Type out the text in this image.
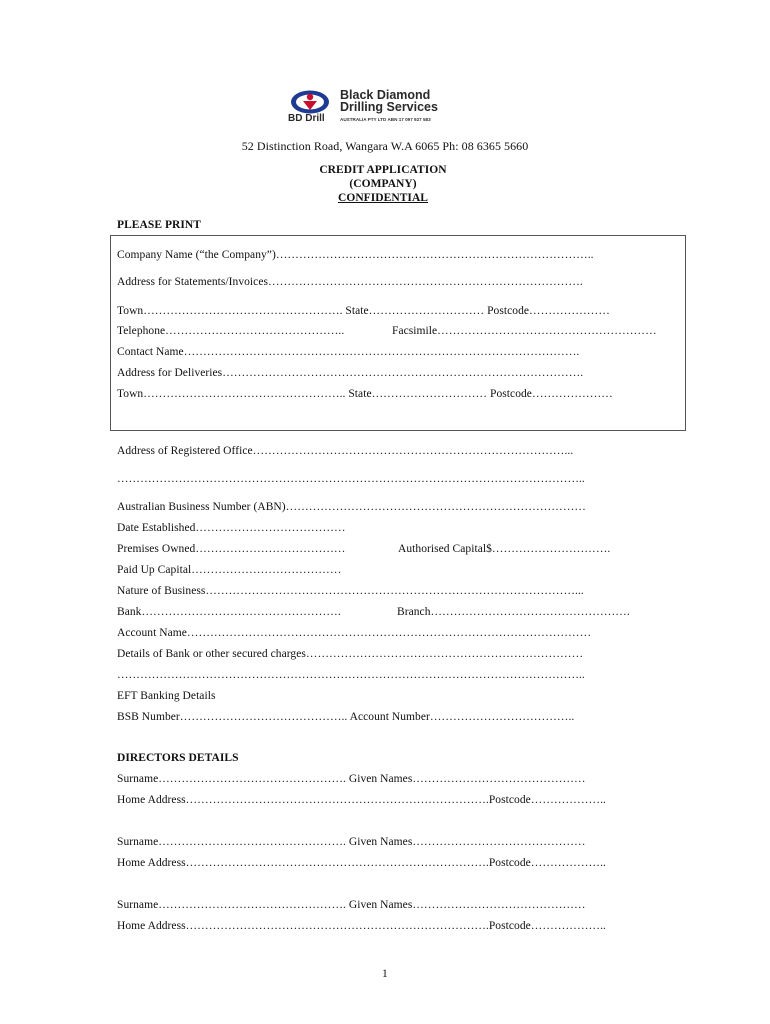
Black Diamond
Drilling Services
BD Drill	AUSTRALIA PTY LTD ABN 17 097 927 583
52 Distinction Road, Wangara W.A 6065 Ph: 08 6365 5660
CREDIT APPLICATION
(COMPANY)
CONFIDENTIAL
PLEASE PRINT
Company Name (“the Company”)………………………………………………………………………..
Address for Statements/Invoices……………………………………………………………………….
Town……………………………………………. State………………………… Postcode…………………
Telephone………………………………………..	Facsimile…………………………………………………
Contact Name………………………………………………………………………………………….
Address for Deliveries………………………………………………………………………………….
Town…………………………………………….. State………………………… Postcode…………………
Address of Registered Office………………………………………………………………………...
…………………………………………………………………………………………………………..
Australian Business Number (ABN)……………………………………………………………………
Date Established…………………………………
Premises Owned…………………………………	Authorised Capital$………………………….
Paid Up Capital…………………………………
Nature of Business……………………………………………………………………………………...
Bank…………………………………………….	Branch…………………………………………….
Account Name……………………………………………………………………………………………
Details of Bank or other secured charges………………………………………………………………
…………………………………………………………………………………………………………..
EFT Banking Details
BSB Number…………………………………….. Account Number………………………………..
DIRECTORS DETAILS
Surname…………………………………………. Given Names………………………………………
Home Address…………………………………………………………………….Postcode………………..
Surname…………………………………………. Given Names………………………………………
Home Address…………………………………………………………………….Postcode………………..
Surname…………………………………………. Given Names………………………………………
Home Address…………………………………………………………………….Postcode………………..
1
